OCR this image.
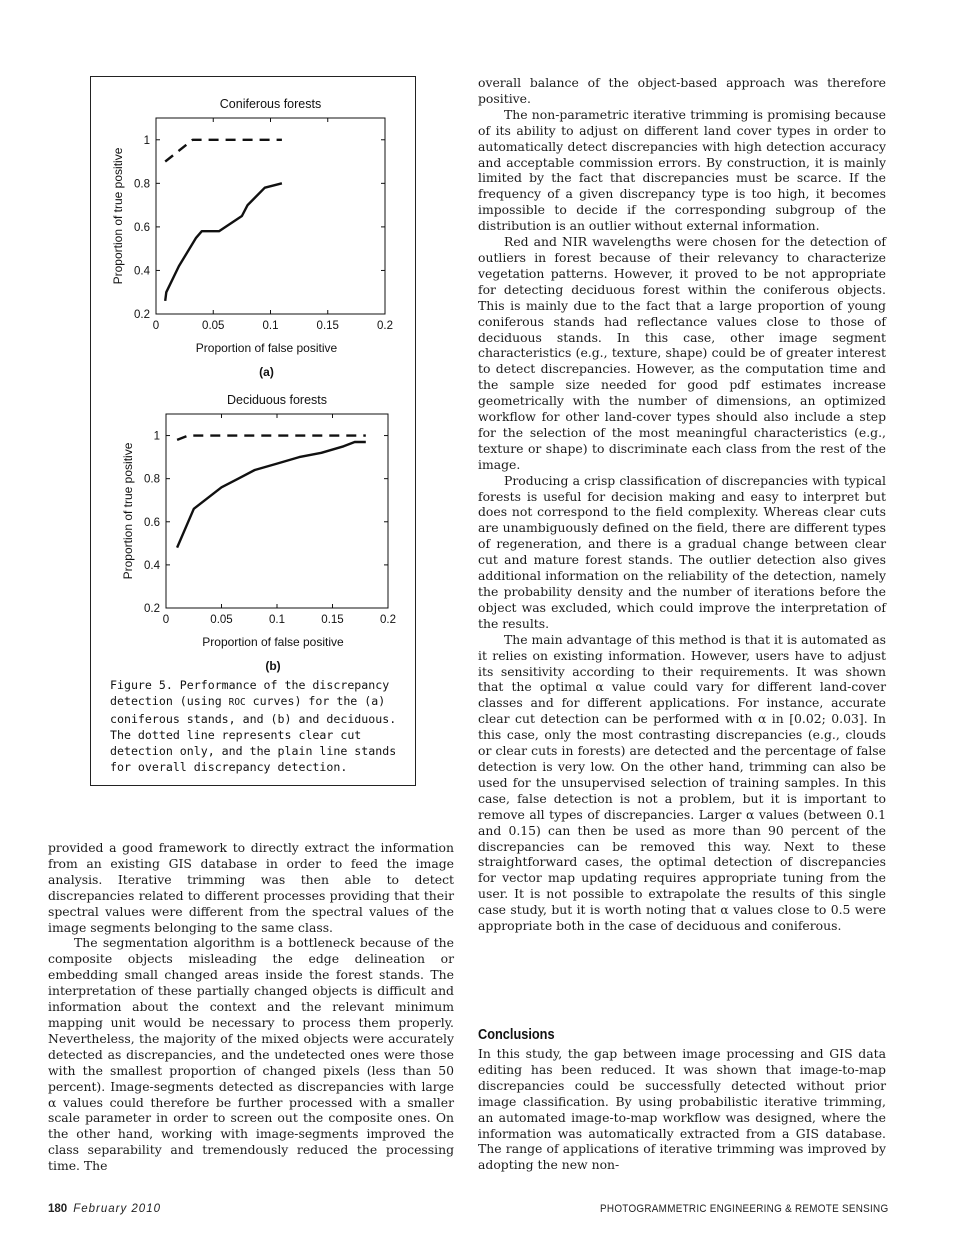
Coniferous forests
0	0.05	0.1	0.15	0.2
0.2
0.4
0.6
0.8
1
Proportion of false positive
Proportion of true positive
(a)
Deciduous forests
0	0.05	0.1	0.15	0.2
0.2
0.4
0.6
0.8
1
Proportion of false positive
Proportion of true positive
(b)
Figure 5. Performance of the discrepancy detection (using ROC curves) for the (a) coniferous stands, and (b) and deciduous. The dotted line represents clear cut detection only, and the plain line stands for overall discrepancy detection.

provided a good framework to directly extract the information from an existing GIS database in order to feed the image analysis. Iterative trimming was then able to detect discrepancies related to different processes providing that their spectral values were different from the spectral values of the image segments belonging to the same class.

The segmentation algorithm is a bottleneck because of the composite objects misleading the edge delineation or embedding small changed areas inside the forest stands. The interpretation of these partially changed objects is difficult and information about the context and the relevant minimum mapping unit would be necessary to process them properly. Nevertheless, the majority of the mixed objects were accurately detected as discrepancies, and the undetected ones were those with the smallest proportion of changed pixels (less than 50 percent). Image-segments detected as discrepancies with large α values could therefore be further processed with a smaller scale parameter in order to screen out the composite ones. On the other hand, working with image-segments improved the class separability and tremendously reduced the processing time. The

overall balance of the object-based approach was therefore positive.

The non-parametric iterative trimming is promising because of its ability to adjust on different land cover types in order to automatically detect discrepancies with high detection accuracy and acceptable commission errors. By construction, it is mainly limited by the fact that discrepancies must be scarce. If the frequency of a given discrepancy type is too high, it becomes impossible to decide if the corresponding subgroup of the distribution is an outlier without external information.

Red and NIR wavelengths were chosen for the detection of outliers in forest because of their relevancy to characterize vegetation patterns. However, it proved to be not appropriate for detecting deciduous forest within the coniferous objects. This is mainly due to the fact that a large proportion of young coniferous stands had reflectance values close to those of deciduous stands. In this case, other image segment characteristics (e.g., texture, shape) could be of greater interest to detect discrepancies. However, as the computation time and the sample size needed for good pdf estimates increase geometrically with the number of dimensions, an optimized workflow for other land-cover types should also include a step for the selection of the most meaningful characteristics (e.g., texture or shape) to discriminate each class from the rest of the image.

Producing a crisp classification of discrepancies with typical forests is useful for decision making and easy to interpret but does not correspond to the field complexity. Whereas clear cuts are unambiguously defined on the field, there are different types of regeneration, and there is a gradual change between clear cut and mature forest stands. The outlier detection also gives additional information on the reliability of the detection, namely the probability density and the number of iterations before the object was excluded, which could improve the interpretation of the results.

The main advantage of this method is that it is automated as it relies on existing information. However, users have to adjust its sensitivity according to their requirements. It was shown that the optimal α value could vary for different land-cover classes and for different applications. For instance, accurate clear cut detection can be performed with α in [0.02; 0.03]. In this case, only the most contrasting discrepancies (e.g., clouds or clear cuts in forests) are detected and the percentage of false detection is very low. On the other hand, trimming can also be used for the unsupervised selection of training samples. In this case, false detection is not a problem, but it is important to remove all types of discrepancies. Larger α values (between 0.1 and 0.15) can then be used as more than 90 percent of the discrepancies can be removed this way. Next to these straightforward cases, the optimal detection of discrepancies for vector map updating requires appropriate tuning from the user. It is not possible to extrapolate the results of this single case study, but it is worth noting that α values close to 0.5 were appropriate both in the case of deciduous and coniferous.

Conclusions

In this study, the gap between image processing and GIS data editing has been reduced. It was shown that image-to-map discrepancies could be successfully detected without prior image classification. By using probabilistic iterative trimming, an automated image-to-map workflow was designed, where the information was automatically extracted from a GIS database. The range of applications of iterative trimming was improved by adopting the new non-

180 February 2010	PHOTOGRAMMETRIC ENGINEERING & REMOTE SENSING
